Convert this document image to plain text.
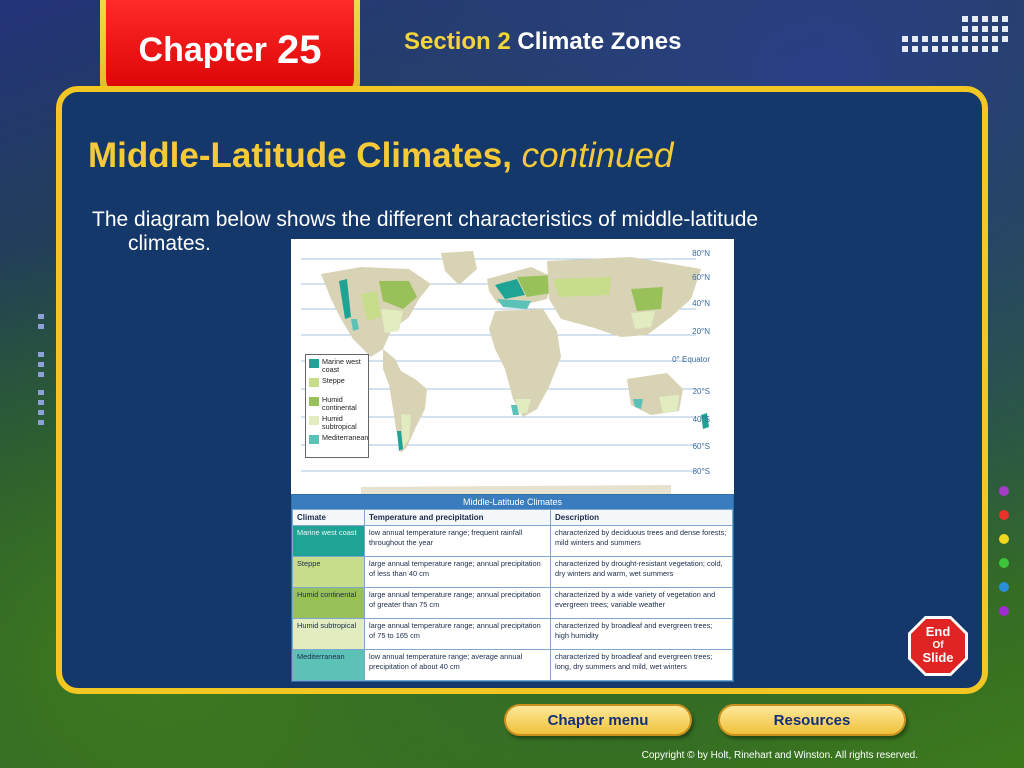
Chapter 25	Section 2 Climate Zones
Middle-Latitude Climates, continued
The diagram below shows the different characteristics of middle-latitude
climates.	80°N
60°N
40°N
20°N
0° Equator
20°S
40°S
60°S
80°S
Marine west coast
Steppe
Humid continental
Humid subtropical
Mediterranean
Middle-Latitude Climates
Climate	Temperature and precipitation	Description
Marine west coast	low annual temperature range; frequent rainfall throughout the year	characterized by deciduous trees and dense forests; mild winters and summers
Steppe	large annual temperature range; annual precipitation of less than 40 cm	characterized by drought-resistant vegetation; cold, dry winters and warm, wet summers
Humid continental	large annual temperature range; annual precipitation of greater than 75 cm	characterized by a wide variety of vegetation and evergreen trees; variable weather
Humid subtropical	large annual temperature range; annual precipitation of 75 to 165 cm	characterized by broadleaf and evergreen trees; high humidity
Mediterranean	low annual temperature range; average annual precipitation of about 40 cm	characterized by broadleaf and evergreen trees; long, dry summers and mild, wet winters
End
Of
Slide
Chapter menu	Resources
Copyright © by Holt, Rinehart and Winston. All rights reserved.
